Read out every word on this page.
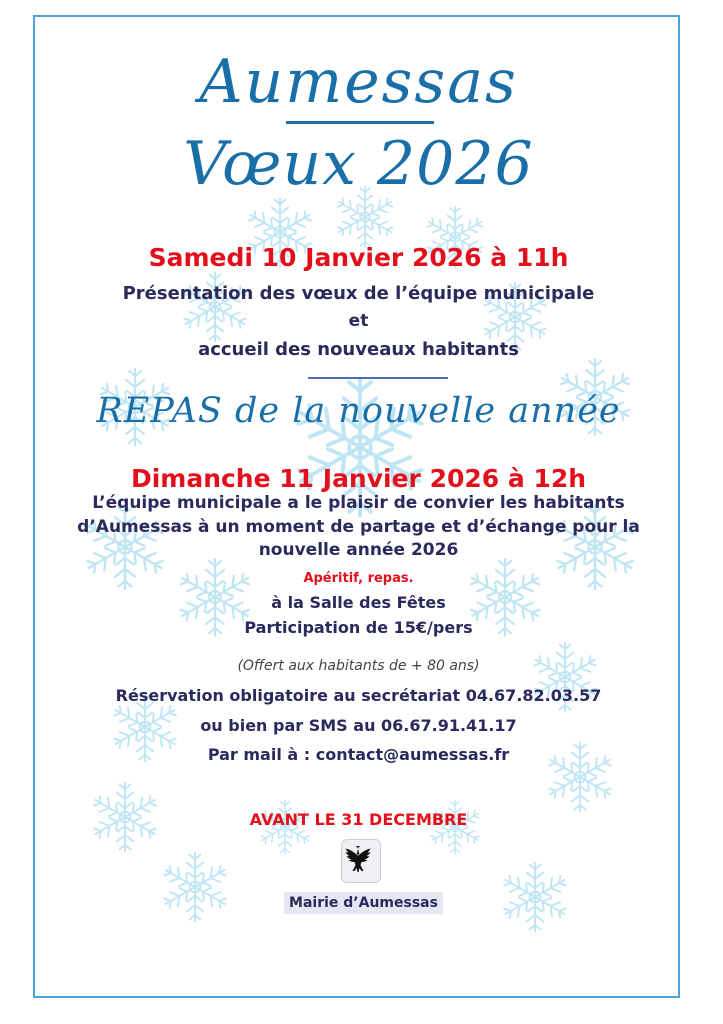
Aumessas
Vœux 2026
Samedi 10 Janvier 2026 à 11h
Présentation des vœux de l’équipe municipale
et
accueil des nouveaux habitants
REPAS de la nouvelle année
Dimanche 11 Janvier 2026 à 12h
L’équipe municipale a le plaisir de convier les habitants
d’Aumessas à un moment de partage et d’échange pour la
nouvelle année 2026
Apéritif, repas.
à la Salle des Fêtes
Participation de 15€/pers
(Offert aux habitants de + 80 ans)
Réservation obligatoire au secrétariat 04.67.82.03.57
ou bien par SMS au 06.67.91.41.17
Par mail à : contact@aumessas.fr
AVANT LE 31 DECEMBRE
Mairie d’Aumessas
